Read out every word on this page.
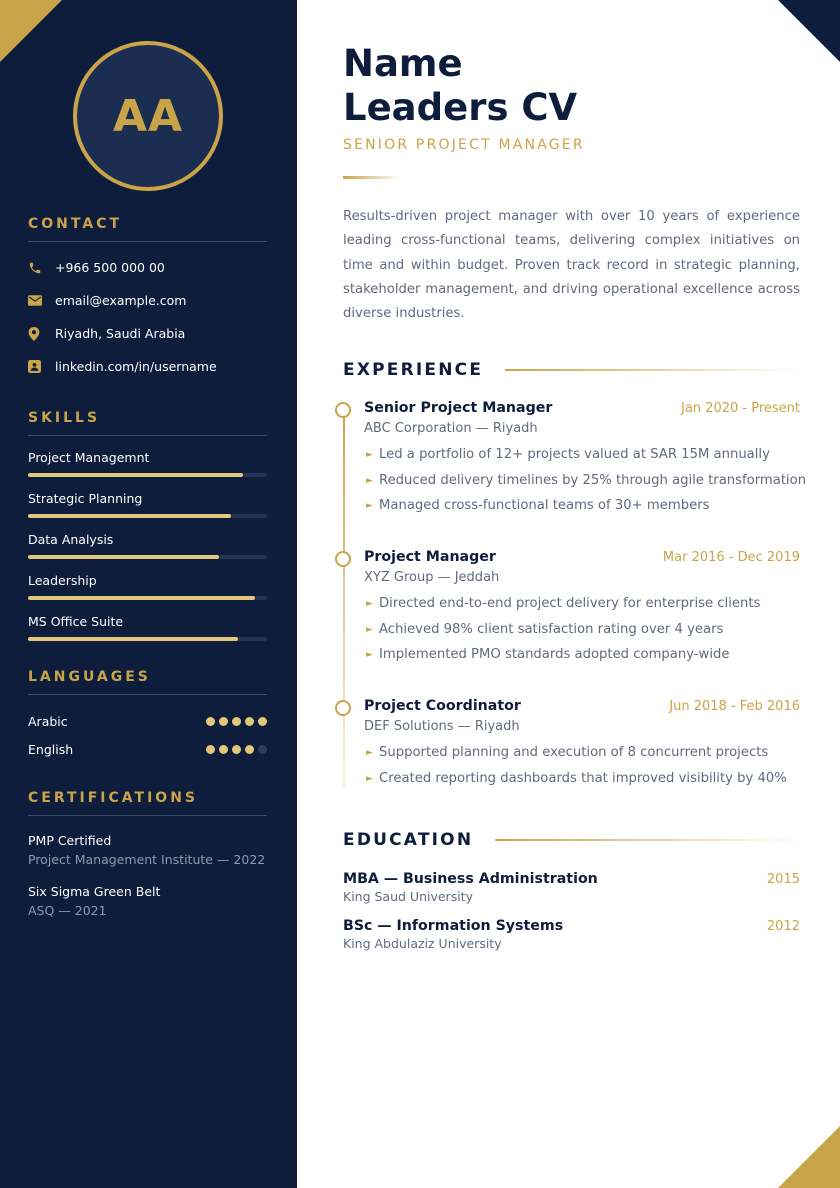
AA
CONTACT
+966 500 000 00
email@example.com
Riyadh, Saudi Arabia
linkedin.com/in/username
SKILLS
Project Managemnt
Strategic Planning
Data Analysis
Leadership
MS Office Suite
LANGUAGES
Arabic
English
CERTIFICATIONS
PMP Certified
Project Management Institute — 2022
Six Sigma Green Belt
ASQ — 2021
Name
Leaders CV
SENIOR PROJECT MANAGER

Results-driven project manager with over 10 years of experience leading cross-functional teams, delivering complex initiatives on time and within budget. Proven track record in strategic planning, stakeholder management, and driving operational excellence across diverse industries.

EXPERIENCE
Senior Project Manager	Jan 2020 - Present
ABC Corporation — Riyadh
► Led a portfolio of 12+ projects valued at SAR 15M annually
► Reduced delivery timelines by 25% through agile transformation
► Managed cross-functional teams of 30+ members
Project Manager	Mar 2016 - Dec 2019
XYZ Group — Jeddah
► Directed end-to-end project delivery for enterprise clients
► Achieved 98% client satisfaction rating over 4 years
► Implemented PMO standards adopted company-wide
Project Coordinator	Jun 2018 - Feb 2016
DEF Solutions — Riyadh
► Supported planning and execution of 8 concurrent projects
► Created reporting dashboards that improved visibility by 40%
EDUCATION
MBA — Business Administration	2015
King Saud University
BSc — Information Systems	2012
King Abdulaziz University
